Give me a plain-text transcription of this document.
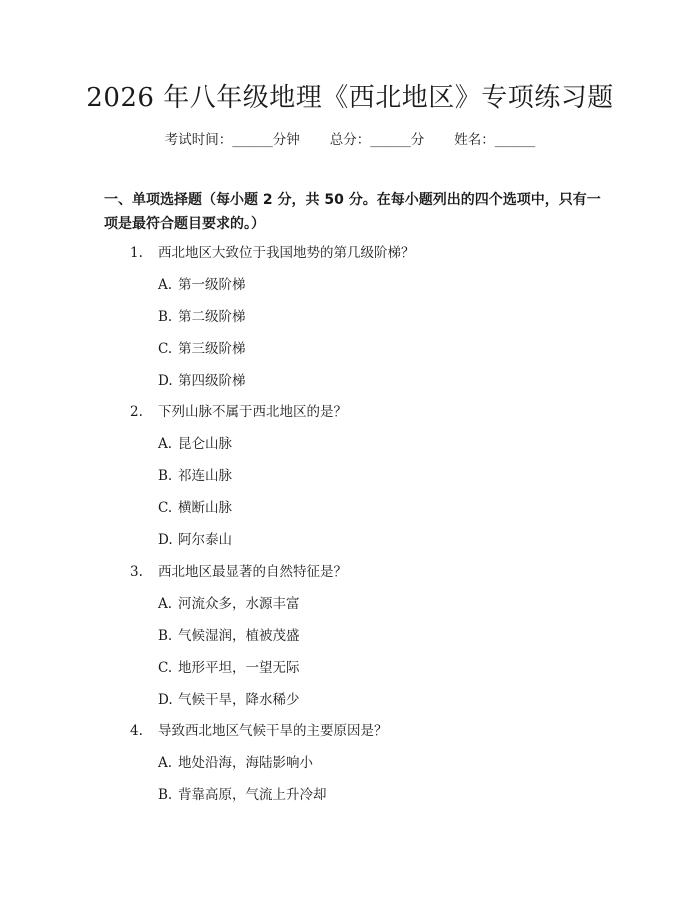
2026 年八年级地理《西北地区》专项练习题
考试时间：______分钟 总分：______分 姓名：______
一、单项选择题（每小题 2 分，共 50 分。在每小题列出的四个选项中，只有一项是最符合题目要求的。）
1. 西北地区大致位于我国地势的第几级阶梯？
A. 第一级阶梯
B. 第二级阶梯
C. 第三级阶梯
D. 第四级阶梯
2. 下列山脉不属于西北地区的是？
A. 昆仑山脉
B. 祁连山脉
C. 横断山脉
D. 阿尔泰山
3. 西北地区最显著的自然特征是？
A. 河流众多，水源丰富
B. 气候湿润，植被茂盛
C. 地形平坦，一望无际
D. 气候干旱，降水稀少
4. 导致西北地区气候干旱的主要原因是？
A. 地处沿海，海陆影响小
B. 背靠高原，气流上升冷却
